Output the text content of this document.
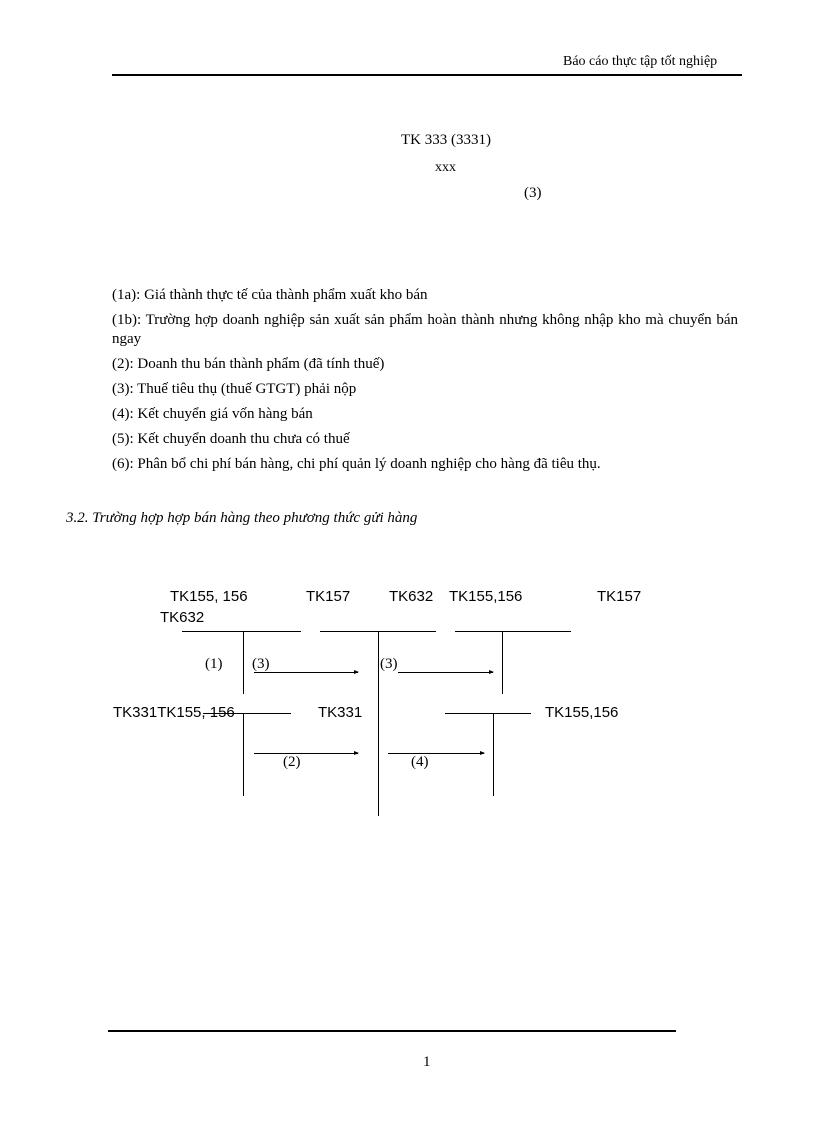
Báo cáo thực tập tốt nghiệp
TK 333 (3331)
xxx
(3)

(1a): Giá thành thực tế của thành phẩm xuất kho bán

(1b): Trường hợp doanh nghiệp sản xuất sản phẩm hoàn thành nhưng không nhập kho mà chuyển bán ngay

(2): Doanh thu bán thành phẩm (đã tính thuế)

(3): Thuế tiêu thụ (thuế GTGT) phải nộp

(4): Kết chuyển giá vốn hàng bán

(5): Kết chuyển doanh thu chưa có thuế

(6): Phân bổ chi phí bán hàng, chi phí quản lý doanh nghiệp cho hàng đã tiêu thụ.

3.2. Trường hợp hợp bán hàng theo phương thức gửi hàng
TK155, 156	TK157	TK632 TK155,156	TK157
TK632
(1) (3)	(3)
TK331TK155, 156	TK331	TK155,156
(2)	(4)
1
